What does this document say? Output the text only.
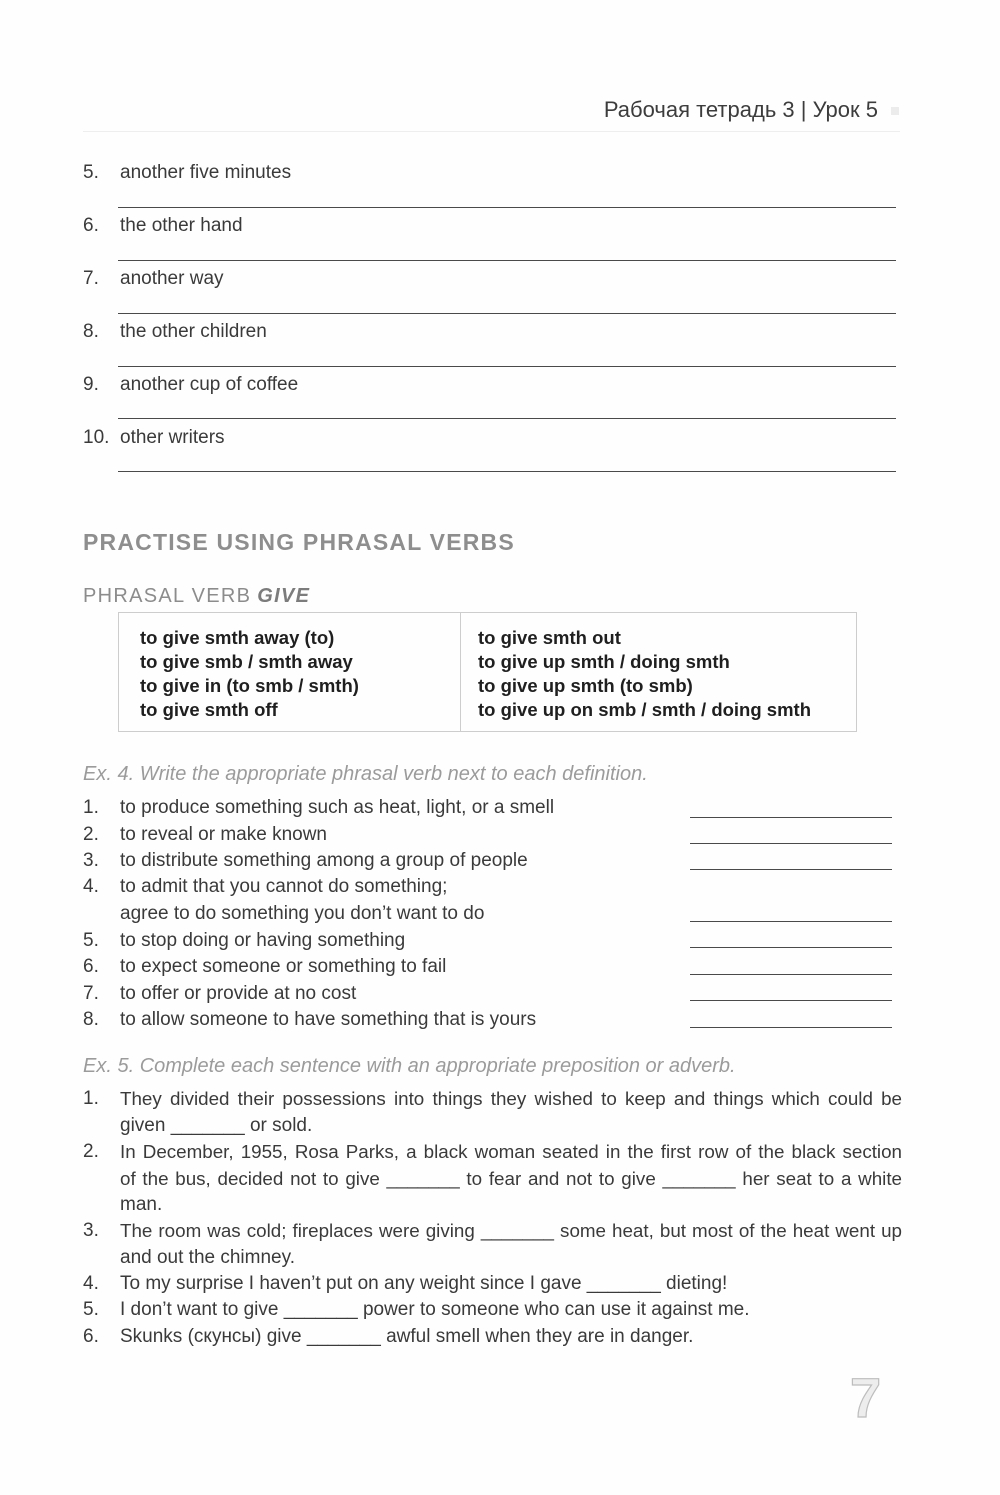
Рабочая тетрадь 3 | Урок 5
5. another five minutes
6. the other hand
7. another way
8. the other children
9. another cup of coffee
10. other writers
PRACTISE USING PHRASAL VERBS
PHRASAL VERB GIVE
to give smth away (to)
to give smb / smth away
to give in (to smb / smth)
to give smth off
to give smth out
to give up smth / doing smth
to give up smth (to smb)
to give up on smb / smth / doing smth
Ex. 4. Write the appropriate phrasal verb next to each definition.
1. to produce something such as heat, light, or a smell
2. to reveal or make known
3. to distribute something among a group of people
4. to admit that you cannot do something;
agree to do something you don’t want to do
5. to stop doing or having something
6. to expect someone or something to fail
7. to offer or provide at no cost
8. to allow someone to have something that is yours
Ex. 5. Complete each sentence with an appropriate preposition or adverb.
1. They divided their possessions into things they wished to keep and things which could be
given _______ or sold.
2. In December, 1955, Rosa Parks, a black woman seated in the first row of the black section
of the bus, decided not to give _______ to fear and not to give _______ her seat to a white
man.
3. The room was cold; fireplaces were giving _______ some heat, but most of the heat went up
and out the chimney.
4. To my surprise I haven’t put on any weight since I gave _______ dieting!
5. I don’t want to give _______ power to someone who can use it against me.
6. Skunks (скунсы) give _______ awful smell when they are in danger.
7
